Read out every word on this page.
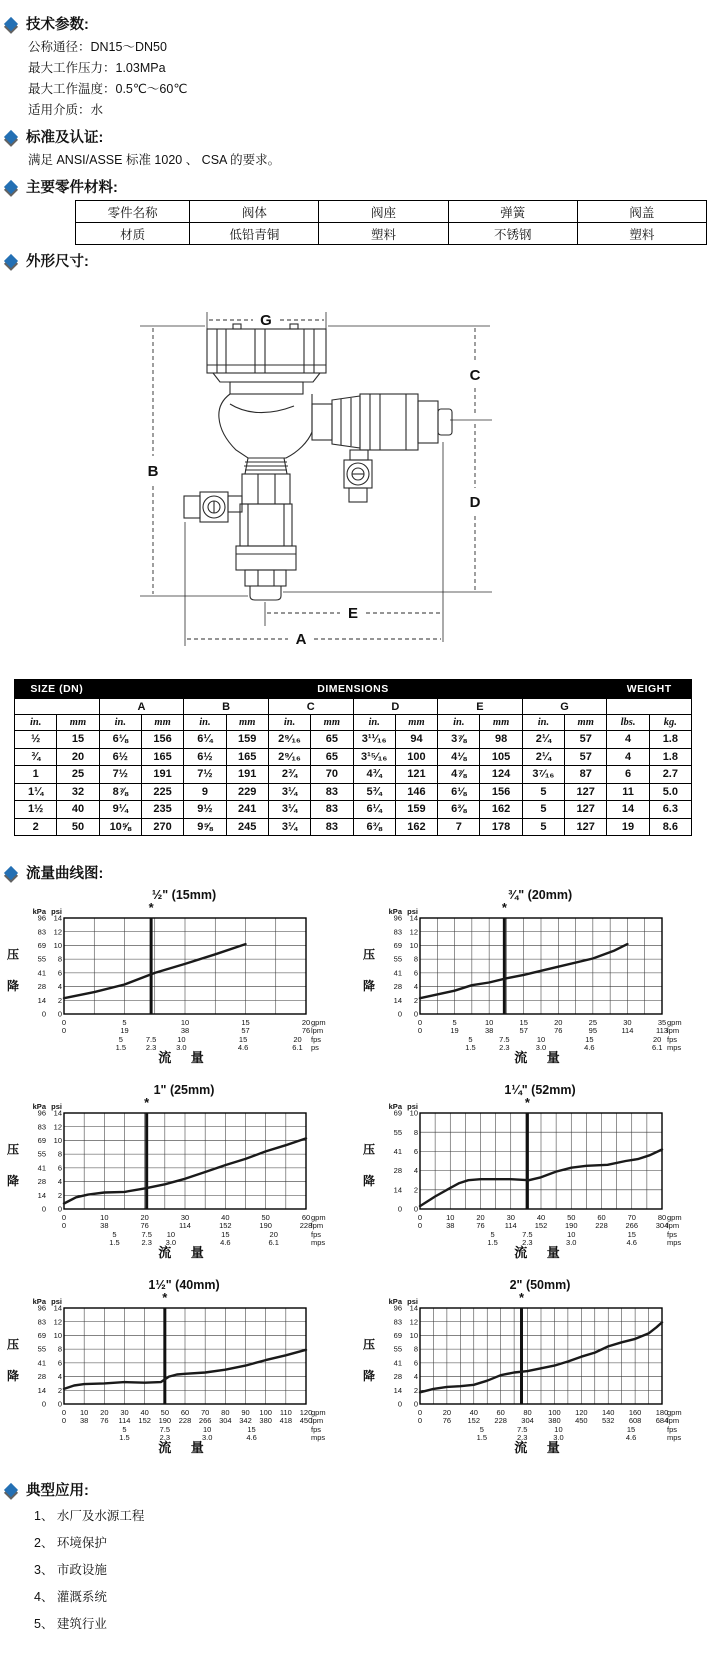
技术参数:
公称通径：DN15～DN50
最大工作压力：1.03MPa
最大工作温度：0.5℃～60℃
适用介质：水
标准及认证:
满足 ANSI/ASSE 标准 1020 、 CSA 的要求。
主要零件材料:
零件名称	阀体	阀座	弹簧	阀盖
材质	低铅青铜	塑料	不锈钢	塑料
外形尺寸:
G
B
C
D
E
A
SIZE (DN)		DIMENSIONS												WEIGHT	
		A		B		C		D		E		G			
in.	mm	in.	mm	in.	mm	in.	mm	in.	mm	in.	mm	in.	mm	lbs.	kg.
½	15	6⅛	156	6¼	159	2⁹⁄₁₆	65	3¹¹⁄₁₆	94	3⅞	98	2¼	57	4	1.8
¾	20	6½	165	6½	165	2⁹⁄₁₆	65	3¹⁵⁄₁₆	100	4⅛	105	2¼	57	4	1.8
1	25	7½	191	7½	191	2¾	70	4¾	121	4⅞	124	3⁷⁄₁₆	87	6	2.7
1¼	32	8⅞	225	9	229	3¼	83	5¾	146	6⅛	156	5	127	11	5.0
1½	40	9¼	235	9½	241	3¼	83	6¼	159	6⅜	162	5	127	14	6.3
2	50	10⅝	270	9⅝	245	3¼	83	6⅜	162	7	178	5	127	19	8.6
流量曲线图:
½" (15mm)
kPa psi
96 14
83 12
69 10
55 8
41 6
28 4
14 2
0 0
压
降
0
0
5
19
10
38
15
57
20
76
5
1.5
7.5
2.3
10
3.0
15
4.6
20
6.1
gpm
lpm
fps
ps
*
流 量
¾" (20mm)
kPa psi
96 14
83 12
69 10
55 8
41 6
28 4
14 2
0 0
压
降
0
0
5
19
10
38
15
57
20
76
25
95
30
114
35
113
5
1.5
7.5
2.3
10
3.0
15
4.6
20
6.1
gpm
lpm
fps
mps
*
流 量
1" (25mm)
kPa psi
96 14
83 12
69 10
55 8
41 6
28 4
14 2
0 0
压
降
0
0
10
38
20
76
30
114
40
152
50
190
60
228
5
1.5
7.5
2.3
10
3.0
15
4.6
20
6.1
gpm
lpm
fps
mps
*
流 量
1¼" (52mm)
kPa psi
69 10
55 8
41 6
28 4
14 2
0 0
压
降
0
0
10
38
20
76
30
114
40
152
50
190
60
228
70
266
80
304
5
1.5
7.5
2.3
10
3.0
15
4.6
gpm
lpm
fps
mps
*
流 量
1½" (40mm)
kPa psi
96 14
83 12
69 10
55 8
41 6
28 4
14 2
0 0
压
降
0
0
10
38
20
76
30
114
40
152
50
190
60
228
70
266
80
304
90
342
100
380
110
418
120
450
5
1.5
7.5
2.3
10
3.0
15
4.6
gpm
lpm
fps
mps
*
流 量
2" (50mm)
kPa psi
96 14
83 12
69 10
55 8
41 6
28 4
14 2
0 0
压
降
0
0
20
76
40
152
60
228
80
304
100
380
120
450
140
532
160
608
180
684
5
1.5
7.5
2.3
10
3.0
15
4.6
gpm
lpm
fps
mps
*
流 量
典型应用:
1、 水厂及水源工程
2、 环境保护
3、 市政设施
4、 灌溉系统
5、 建筑行业
